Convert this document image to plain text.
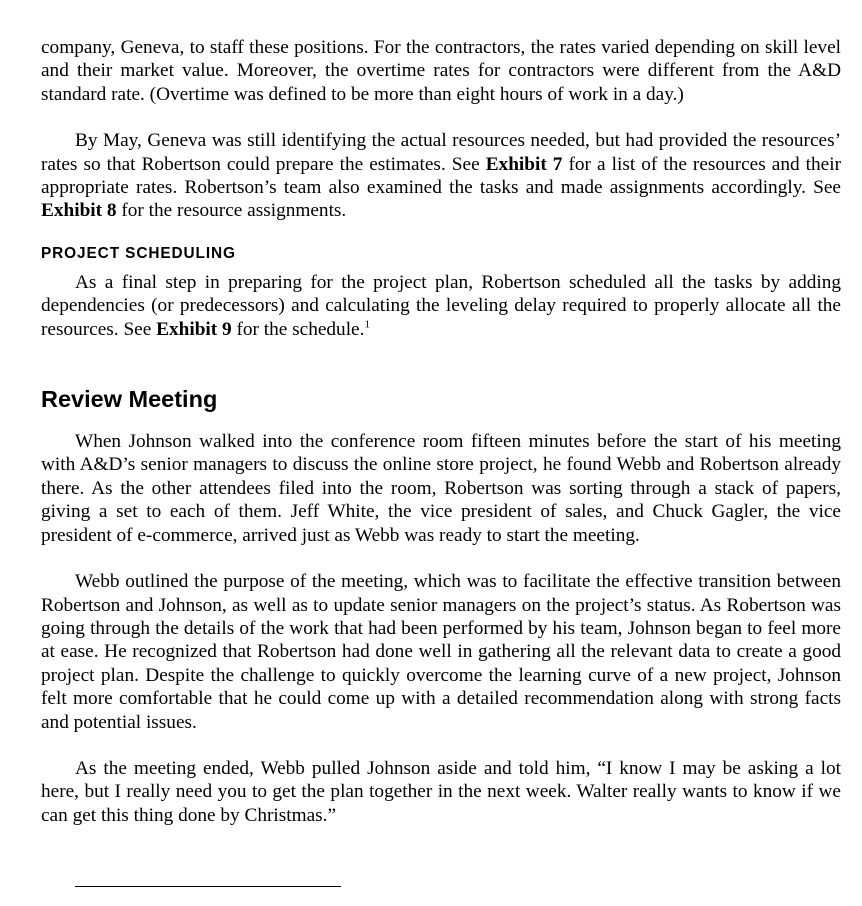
company, Geneva, to staff these positions. For the contractors, the rates varied depending on skill level and their market value. Moreover, the overtime rates for contractors were different from the A&D standard rate. (Overtime was defined to be more than eight hours of work in a day.)

By May, Geneva was still identifying the actual resources needed, but had provided the resources’ rates so that Robertson could prepare the estimates. See Exhibit 7 for a list of the resources and their appropriate rates. Robertson’s team also examined the tasks and made assignments accordingly. See Exhibit 8 for the resource assignments.

PROJECT SCHEDULING

As a final step in preparing for the project plan, Robertson scheduled all the tasks by adding dependencies (or predecessors) and calculating the leveling delay required to properly allocate all the resources. See Exhibit 9 for the schedule.$^1$

Review Meeting

When Johnson walked into the conference room fifteen minutes before the start of his meeting with A&D’s senior managers to discuss the online store project, he found Webb and Robertson already there. As the other attendees filed into the room, Robertson was sorting through a stack of papers, giving a set to each of them. Jeff White, the vice president of sales, and Chuck Gagler, the vice president of e-commerce, arrived just as Webb was ready to start the meeting.

Webb outlined the purpose of the meeting, which was to facilitate the effective transition between Robertson and Johnson, as well as to update senior managers on the project’s status. As Robertson was going through the details of the work that had been performed by his team, Johnson began to feel more at ease. He recognized that Robertson had done well in gathering all the relevant data to create a good project plan. Despite the challenge to quickly overcome the learning curve of a new project, Johnson felt more comfortable that he could come up with a detailed recommendation along with strong facts and potential issues.

As the meeting ended, Webb pulled Johnson aside and told him, “I know I may be asking a lot here, but I really need you to get the plan together in the next week. Walter really wants to know if we can get this thing done by Christmas.”
